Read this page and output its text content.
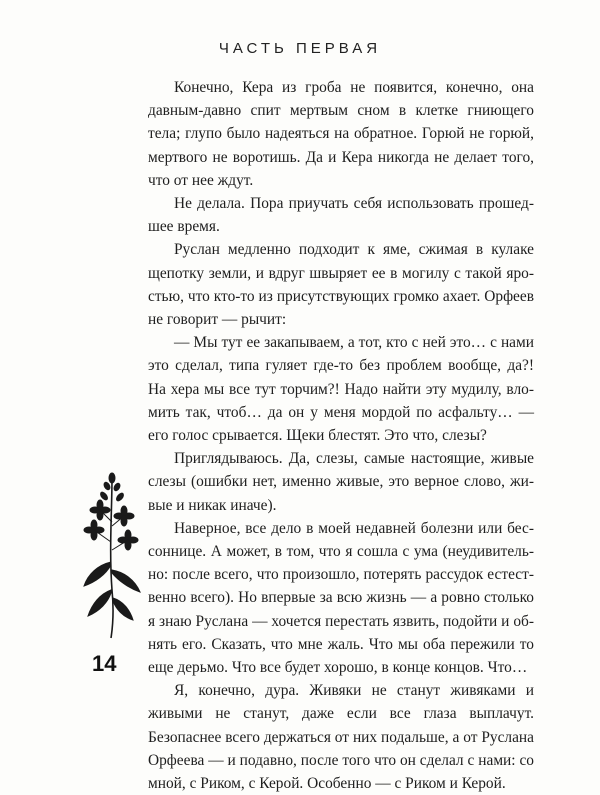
ЧАСТЬ ПЕРВАЯ

Конечно, Кера из гроба не появится, конечно, она давным-давно спит мертвым сном в клетке гниющего тела; глупо было надеяться на обратное. Горюй не горюй, мертвого не воротишь. Да и Кера никогда не делает того, что от нее ждут.

Не делала. Пора приучать себя использовать прошедшее время.

Руслан медленно подходит к яме, сжимая в кулаке щепотку земли, и вдруг швыряет ее в могилу с такой яростью, что кто-то из присутствующих громко ахает. Орфеев не говорит — рычит:

— Мы тут ее закапываем, а тот, кто с ней это… с нами это сделал, типа гуляет где-то без проблем вообще, да?! На хера мы все тут торчим?! Надо найти эту мудилу, вломить так, чтоб… да он у меня мордой по асфальту… — его голос срывается. Щеки блестят. Это что, слезы?

Приглядываюсь. Да, слезы, самые настоящие, живые слезы (ошибки нет, именно живые, это верное слово, живые и никак иначе).

Наверное, все дело в моей недавней болезни или бессоннице. А может, в том, что я сошла с ума (неудивительно: после всего, что произошло, потерять рассудок естественно всего). Но впервые за всю жизнь — а ровно столько я знаю Руслана — хочется перестать язвить, подойти и обнять его. Сказать, что мне жаль. Что мы оба пережили то еще дерьмо. Что все будет хорошо, в конце концов. Что…

Я, конечно, дура. Живяки не станут живяками и живыми не станут, даже если все глаза выплачут. Безопаснее всего держаться от них подальше, а от Руслана Орфеева — и подавно, после того что он сделал с нами: со мной, с Риком, с Керой. Особенно — с Риком и Керой.

14
